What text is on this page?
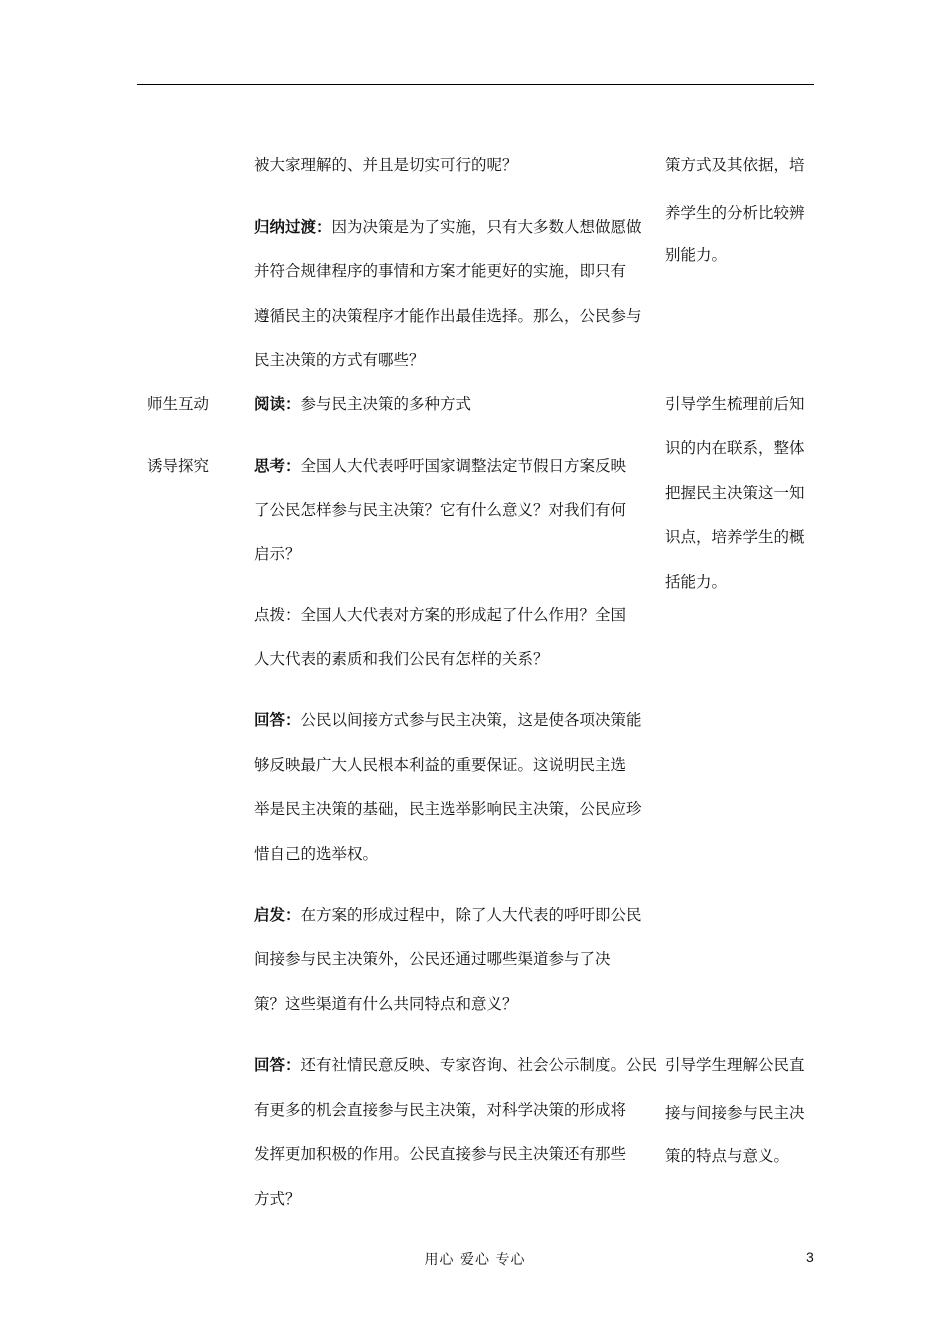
师生互动
诱导探究
被大家理解的、并且是切实可行的呢？
归纳过渡：因为决策是为了实施，只有大多数人想做愿做
并符合规律程序的事情和方案才能更好的实施，即只有
遵循民主的决策程序才能作出最佳选择。那么，公民参与
民主决策的方式有哪些？
阅读：参与民主决策的多种方式
思考：全国人大代表呼吁国家调整法定节假日方案反映
了公民怎样参与民主决策？它有什么意义？对我们有何
启示？
点拨：全国人大代表对方案的形成起了什么作用？全国
人大代表的素质和我们公民有怎样的关系？
回答：公民以间接方式参与民主决策，这是使各项决策能
够反映最广大人民根本利益的重要保证。这说明民主选
举是民主决策的基础，民主选举影响民主决策，公民应珍
惜自己的选举权。
启发：在方案的形成过程中，除了人大代表的呼吁即公民
间接参与民主决策外，公民还通过哪些渠道参与了决
策？这些渠道有什么共同特点和意义？
回答：还有社情民意反映、专家咨询、社会公示制度。公民
有更多的机会直接参与民主决策，对科学决策的形成将
发挥更加积极的作用。公民直接参与民主决策还有那些
方式？
策方式及其依据，培
养学生的分析比较辨
别能力。
引导学生梳理前后知
识的内在联系，整体
把握民主决策这一知
识点，培养学生的概
括能力。
引导学生理解公民直
接与间接参与民主决
策的特点与意义。
用心 爱心 专心	3
